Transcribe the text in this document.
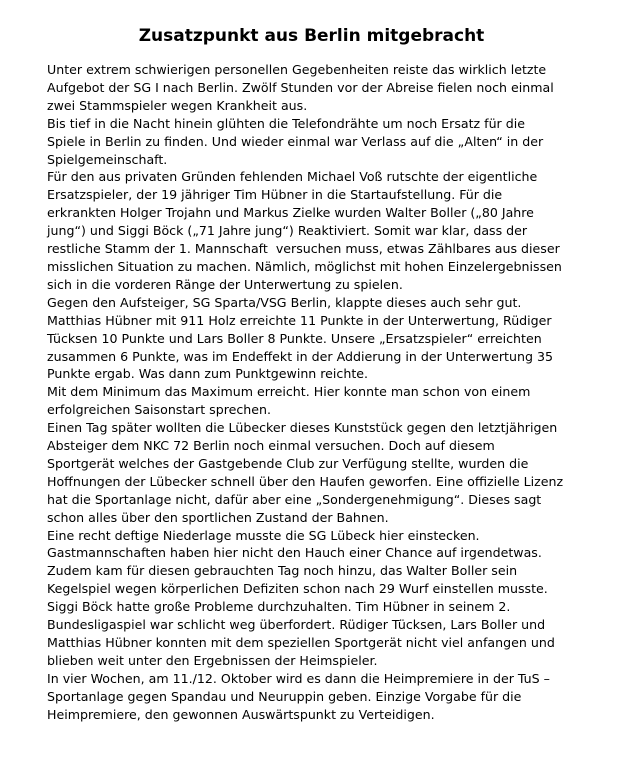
Zusatzpunkt aus Berlin mitgebracht
Unter extrem schwierigen personellen Gegebenheiten reiste das wirklich letzte
Aufgebot der SG I nach Berlin. Zwölf Stunden vor der Abreise fielen noch einmal
zwei Stammspieler wegen Krankheit aus.
Bis tief in die Nacht hinein glühten die Telefondrähte um noch Ersatz für die
Spiele in Berlin zu finden. Und wieder einmal war Verlass auf die „Alten“ in der
Spielgemeinschaft.
Für den aus privaten Gründen fehlenden Michael Voß rutschte der eigentliche
Ersatzspieler, der 19 jähriger Tim Hübner in die Startaufstellung. Für die
erkrankten Holger Trojahn und Markus Zielke wurden Walter Boller („80 Jahre
jung“) und Siggi Böck („71 Jahre jung“) Reaktiviert. Somit war klar, dass der
restliche Stamm der 1. Mannschaft  versuchen muss, etwas Zählbares aus dieser
misslichen Situation zu machen. Nämlich, möglichst mit hohen Einzelergebnissen
sich in die vorderen Ränge der Unterwertung zu spielen.
Gegen den Aufsteiger, SG Sparta/VSG Berlin, klappte dieses auch sehr gut.
Matthias Hübner mit 911 Holz erreichte 11 Punkte in der Unterwertung, Rüdiger
Tücksen 10 Punkte und Lars Boller 8 Punkte. Unsere „Ersatzspieler“ erreichten
zusammen 6 Punkte, was im Endeffekt in der Addierung in der Unterwertung 35
Punkte ergab. Was dann zum Punktgewinn reichte.
Mit dem Minimum das Maximum erreicht. Hier konnte man schon von einem
erfolgreichen Saisonstart sprechen.
Einen Tag später wollten die Lübecker dieses Kunststück gegen den letztjährigen
Absteiger dem NKC 72 Berlin noch einmal versuchen. Doch auf diesem
Sportgerät welches der Gastgebende Club zur Verfügung stellte, wurden die
Hoffnungen der Lübecker schnell über den Haufen geworfen. Eine offizielle Lizenz
hat die Sportanlage nicht, dafür aber eine „Sondergenehmigung“. Dieses sagt
schon alles über den sportlichen Zustand der Bahnen.
Eine recht deftige Niederlage musste die SG Lübeck hier einstecken.
Gastmannschaften haben hier nicht den Hauch einer Chance auf irgendetwas.
Zudem kam für diesen gebrauchten Tag noch hinzu, das Walter Boller sein
Kegelspiel wegen körperlichen Defiziten schon nach 29 Wurf einstellen musste.
Siggi Böck hatte große Probleme durchzuhalten. Tim Hübner in seinem 2.
Bundesligaspiel war schlicht weg überfordert. Rüdiger Tücksen, Lars Boller und
Matthias Hübner konnten mit dem speziellen Sportgerät nicht viel anfangen und
blieben weit unter den Ergebnissen der Heimspieler.
In vier Wochen, am 11./12. Oktober wird es dann die Heimpremiere in der TuS –
Sportanlage gegen Spandau und Neuruppin geben. Einzige Vorgabe für die
Heimpremiere, den gewonnen Auswärtspunkt zu Verteidigen.
